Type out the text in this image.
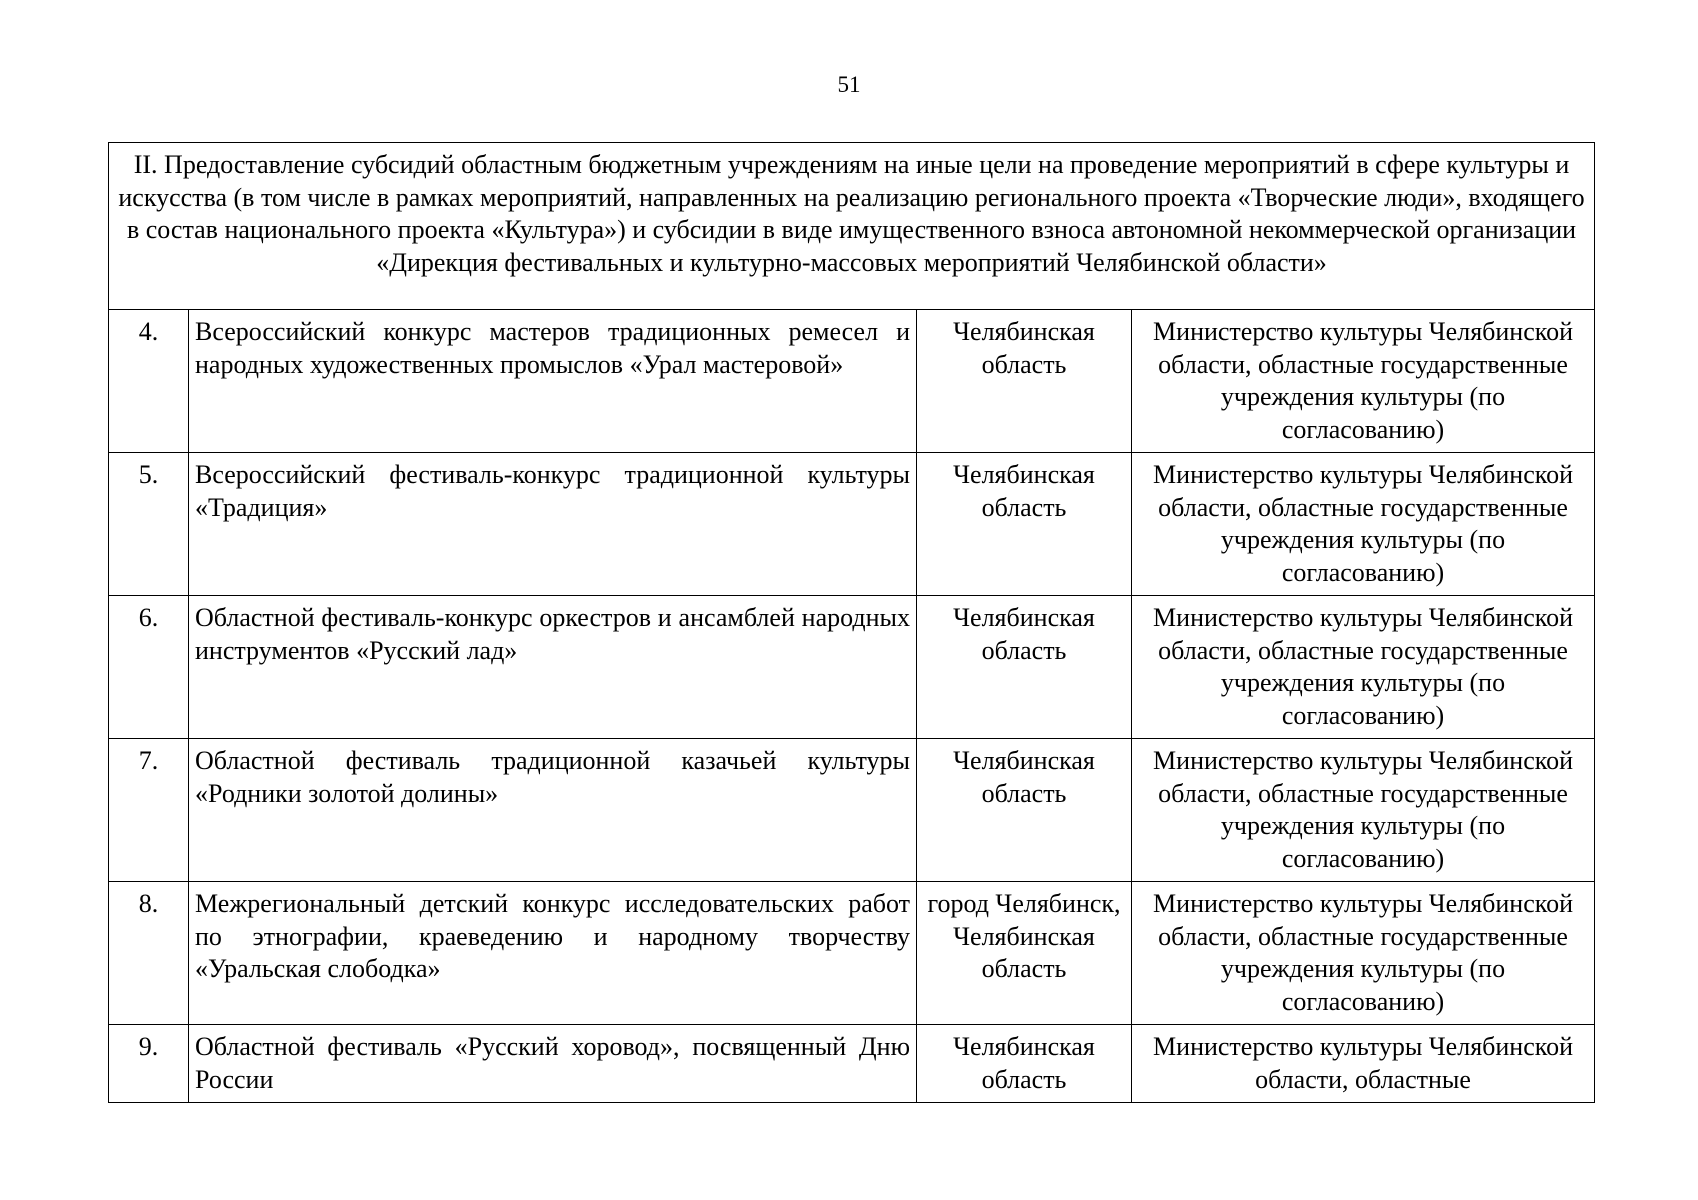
51
II. Предоставление субсидий областным бюджетным учреждениям на иные цели на проведение мероприятий в сфере культуры и искусства (в том числе в рамках мероприятий, направленных на реализацию регионального проекта «Творческие люди», входящего в состав национального проекта «Культура») и субсидии в виде имущественного взноса автономной некоммерческой организации «Дирекция фестивальных и культурно-массовых мероприятий Челябинской области»			
4.	Всероссийский конкурс мастеров традиционных ремесел и народных художественных промыслов «Урал мастеровой»	Челябинская область	Министерство культуры Челябинской области, областные государственные учреждения культуры (по согласованию)
5.	Всероссийский фестиваль-конкурс традиционной культуры «Традиция»	Челябинская область	Министерство культуры Челябинской области, областные государственные учреждения культуры (по согласованию)
6.	Областной фестиваль-конкурс оркестров и ансамблей народных инструментов «Русский лад»	Челябинская область	Министерство культуры Челябинской области, областные государственные учреждения культуры (по согласованию)
7.	Областной фестиваль традиционной казачьей культуры «Родники золотой долины»	Челябинская область	Министерство культуры Челябинской области, областные государственные учреждения культуры (по согласованию)
8.	Межрегиональный детский конкурс исследовательских работ по этнографии, краеведению и народному творчеству «Уральская слободка»	город Челябинск, Челябинская область	Министерство культуры Челябинской области, областные государственные учреждения культуры (по согласованию)
9.	Областной фестиваль «Русский хоровод», посвященный Дню России	Челябинская область	Министерство культуры Челябинской области, областные
